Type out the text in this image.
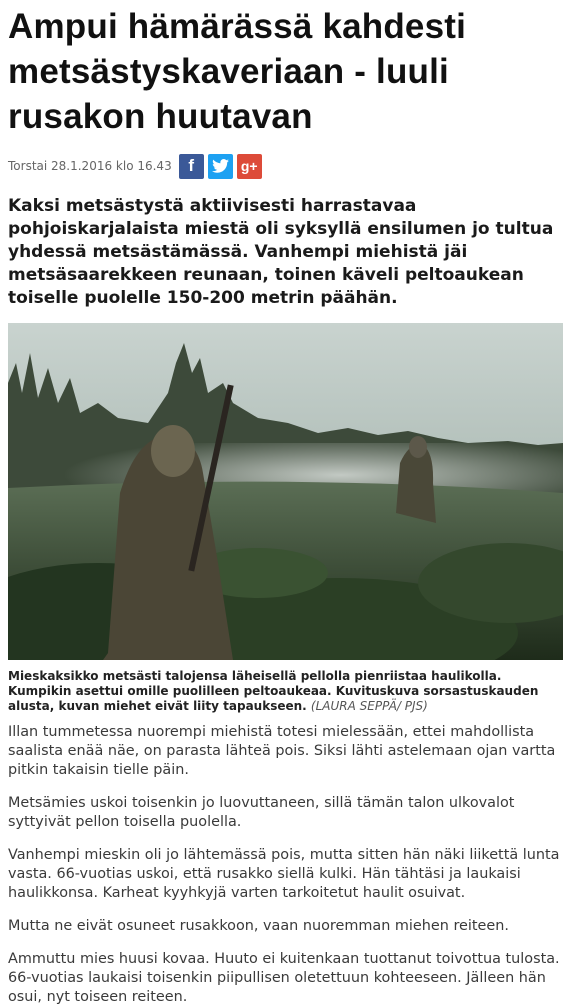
Ampui hämärässä kahdesti metsästyskaveriaan - luuli rusakon huutavan
Torstai 28.1.2016 klo 16.43 f	g+

Kaksi metsästystä aktiivisesti harrastavaa pohjoiskarjalaista miestä oli syksyllä ensilumen jo tultua yhdessä metsästämässä. Vanhempi miehistä jäi metsäsaarekkeen reunaan, toinen käveli peltoaukean toiselle puolelle 150-200 metrin päähän.

Mieskaksikko metsästi talojensa läheisellä pellolla pienriistaa haulikolla. Kumpikin asettui omille puolilleen peltoaukeaa. Kuvituskuva sorsastuskauden alusta, kuvan miehet eivät liity tapaukseen. (LAURA SEPPÄ/ PJS)

Illan tummetessa nuorempi miehistä totesi mielessään, ettei mahdollista saalista enää näe, on parasta lähteä pois. Siksi lähti astelemaan ojan vartta pitkin takaisin tielle päin.

Metsämies uskoi toisenkin jo luovuttaneen, sillä tämän talon ulkovalot syttyivät pellon toisella puolella.

Vanhempi mieskin oli jo lähtemässä pois, mutta sitten hän näki liikettä lunta vasta. 66-vuotias uskoi, että rusakko siellä kulki. Hän tähtäsi ja laukaisi haulikkonsa. Karheat kyyhkyjä varten tarkoitetut haulit osuivat.

Mutta ne eivät osuneet rusakkoon, vaan nuoremman miehen reiteen.

Ammuttu mies huusi kovaa. Huuto ei kuitenkaan tuottanut toivottua tulosta. 66-vuotias laukaisi toisenkin piipullisen oletettuun kohteeseen. Jälleen hän osui, nyt toiseen reiteen.
